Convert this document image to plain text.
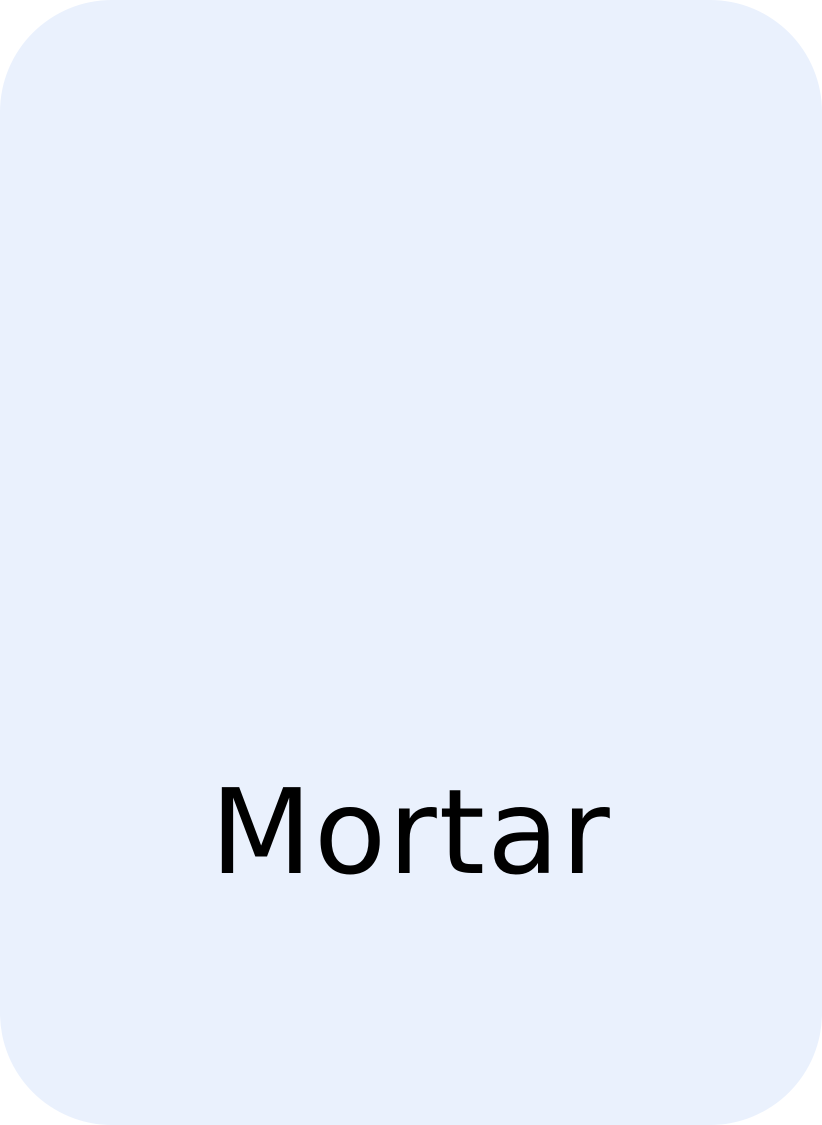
Mortar
